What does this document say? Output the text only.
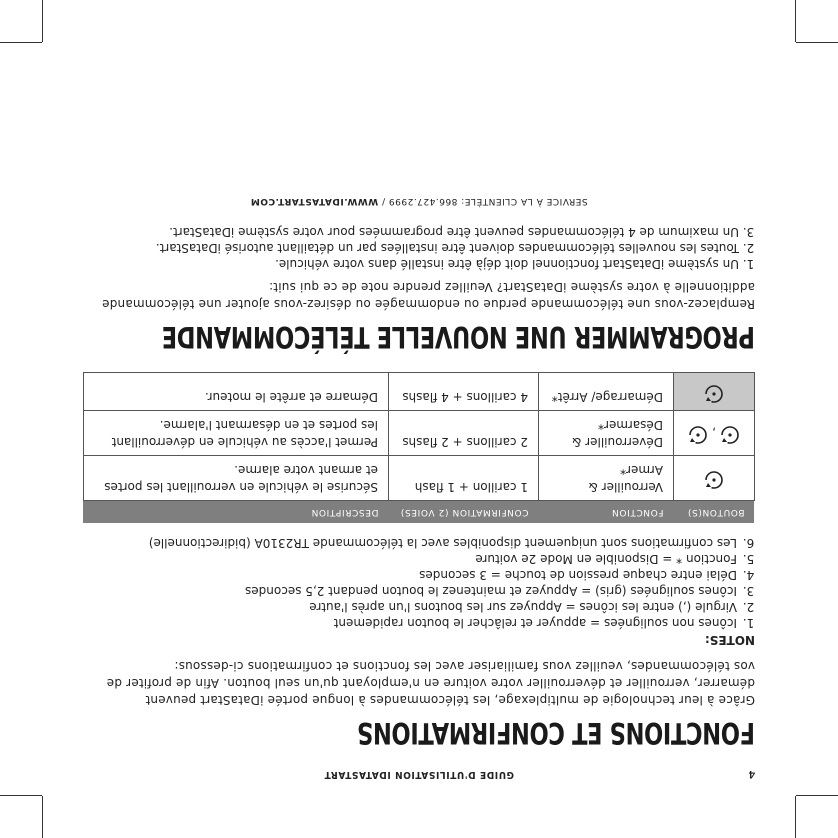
4
GUIDE D'UTILISATION IDATASTART
FONCTIONS ET CONFIRMATIONS

Grâce à leur technologie de multiplexage, les télécommandes à longue portée iDataStart peuvent démarrer, verrouiller et déverrouiller votre voiture en n'employant qu'un seul bouton. Afin de profiter de vos télécommandes, veuillez vous familiariser avec les fonctions et confirmations ci-dessous:

NOTES:
1. Icônes non soulignées = appuyer et relâcher le bouton rapidement
2. Virgule (,) entre les icônes = Appuyez sur les boutons l'un après l'autre
3. Icônes soulignées (gris) = Appuyez et maintenez le bouton pendant 2,5 secondes
4. Délai entre chaque pression de touche = 3 secondes
5. Fonction * = Disponible en Mode 2e voiture
6. Les confirmations sont uniquement disponibles avec la télécommande TR2310A (bidirectionnelle)
BOUTON(S)	FONCTION	CONFIRMATION (2 VOIES)	DESCRIPTION
	Verrouiller & Armer*	1 carillon + 1 flash	Sécurise le véhicule en verrouillant les portes et armant votre alarme.
,	Déverrouiller & Désarmer*	2 carillons + 2 flashs	Permet l'accès au véhicule en déverrouillant les portes et en désarmant l'alarme.
	Démarrage/ Arrêt*	4 carillons + 4 flashs	Démarre et arrête le moteur.
PROGRAMMER UNE NOUVELLE TÉLÉCOMMANDE

Remplacez-vous une télécommande perdue ou endommagée ou désirez-vous ajouter une télécommande additionnelle à votre système iDataStart? Veuillez prendre note de ce qui suit:

1. Un système iDataStart fonctionnel doit déjà être installé dans votre véhicule.
2. Toutes les nouvelles télécommandes doivent être installées par un détaillant autorisé iDataStart.
3. Un maximum de 4 télécommandes peuvent être programmées pour votre système iDataStart.
SERVICE À LA CLIENTÈLE: 866.427.2999 / WWW.IDATASTART.COM
